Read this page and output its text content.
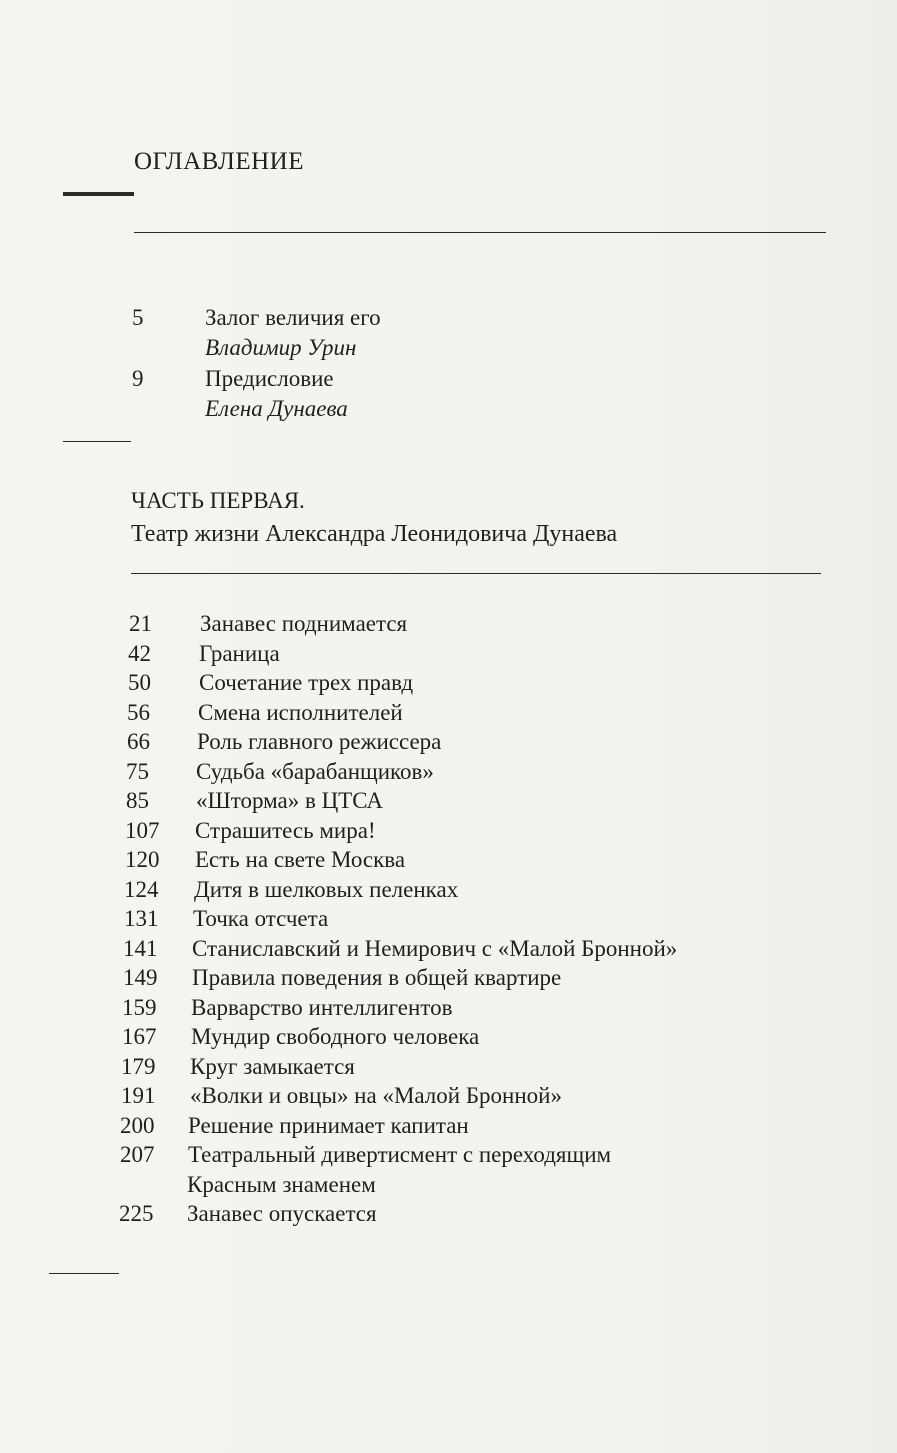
ОГЛАВЛЕНИЕ
5	Залог величия его
Владимир Урин
9	Предисловие
Елена Дунаева
ЧАСТЬ ПЕРВАЯ.
Театр жизни Александра Леонидовича Дунаева
21 Занавес поднимается
42 Граница
50 Сочетание трех правд
56 Смена исполнителей
66 Роль главного режиссера
75 Судьба «барабанщиков»
85 «Шторма» в ЦТСА
107 Страшитесь мира!
120 Есть на свете Москва
124 Дитя в шелковых пеленках
131 Точка отсчета
141 Станиславский и Немирович с «Малой Бронной»
149 Правила поведения в общей квартире
159 Варварство интеллигентов
167 Мундир свободного человека
179 Круг замыкается
191 «Волки и овцы» на «Малой Бронной»
200 Решение принимает капитан
207 Театральный дивертисмент с переходящим
Красным знаменем
225 Занавес опускается
